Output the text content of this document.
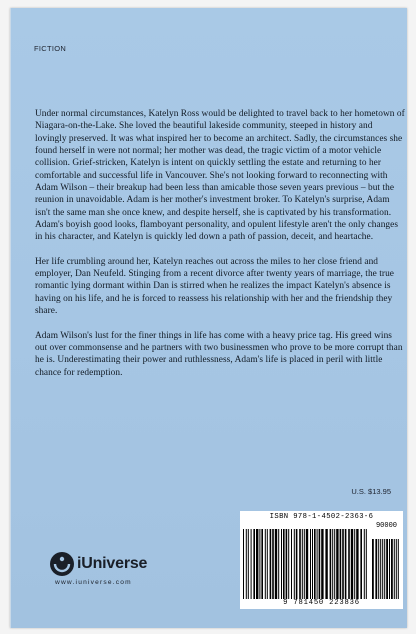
FICTION

Under normal circumstances, Katelyn Ross would be delighted to travel back to her hometown of Niagara-on-the-Lake. She loved the beautiful lakeside community, steeped in history and lovingly preserved. It was what inspired her to become an architect. Sadly, the circumstances she found herself in were not normal; her mother was dead, the tragic victim of a motor vehicle collision. Grief-stricken, Katelyn is intent on quickly settling the estate and returning to her comfortable and successful life in Vancouver. She's not looking forward to reconnecting with Adam Wilson – their breakup had been less than amicable those seven years previous – but the reunion in unavoidable. Adam is her mother's investment broker. To Katelyn's surprise, Adam isn't the same man she once knew, and despite herself, she is captivated by his transformation. Adam's boyish good looks, flamboyant personality, and opulent lifestyle aren't the only changes in his character, and Katelyn is quickly led down a path of passion, deceit, and heartache.

Her life crumbling around her, Katelyn reaches out across the miles to her close friend and employer, Dan Neufeld. Stinging from a recent divorce after twenty years of marriage, the true romantic lying dormant within Dan is stirred when he realizes the impact Katelyn's absence is having on his life, and he is forced to reassess his relationship with her and the friendship they share.

Adam Wilson's lust for the finer things in life has come with a heavy price tag. His greed wins out over commonsense and he partners with two businessmen who prove to be more corrupt than he is. Underestimating their power and ruthlessness, Adam's life is placed in peril with little chance for redemption.

U.S. $13.95
ISBN 978-1-4502-2363-6
90000
9 781450 223836
iUniverse
www.iuniverse.com
